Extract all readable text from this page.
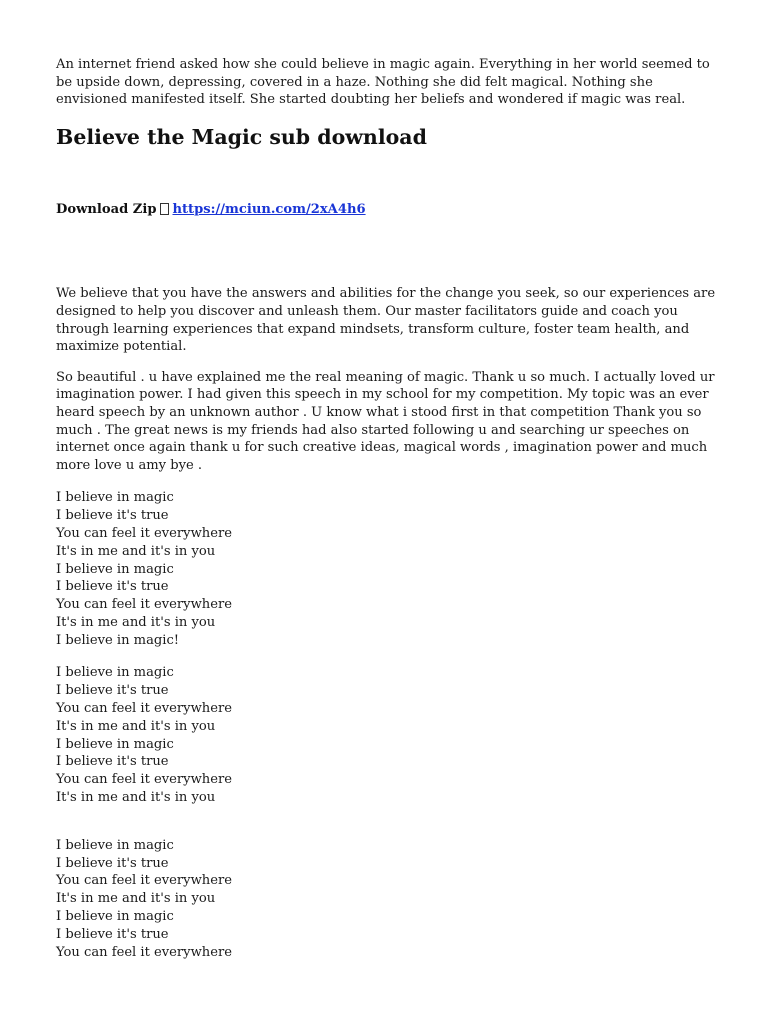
An internet friend asked how she could believe in magic again. Everything in her world seemed to be upside down, depressing, covered in a haze. Nothing she did felt magical. Nothing she envisioned manifested itself. She started doubting her beliefs and wondered if magic was real.

Believe the Magic sub download
Download Zip https://mciun.com/2xA4h6

We believe that you have the answers and abilities for the change you seek, so our experiences are designed to help you discover and unleash them. Our master facilitators guide and coach you through learning experiences that expand mindsets, transform culture, foster team health, and maximize potential.

So beautiful . u have explained me the real meaning of magic. Thank u so much. I actually loved ur imagination power. I had given this speech in my school for my competition. My topic was an ever heard speech by an unknown author . U know what i stood first in that competition Thank you so much . The great news is my friends had also started following u and searching ur speeches on internet once again thank u for such creative ideas, magical words , imagination power and much more love u amy bye .

I believe in magic
I believe it's true
You can feel it everywhere
It's in me and it's in you
I believe in magic
I believe it's true
You can feel it everywhere
It's in me and it's in you
I believe in magic!
I believe in magic
I believe it's true
You can feel it everywhere
It's in me and it's in you
I believe in magic
I believe it's true
You can feel it everywhere
It's in me and it's in you
I believe in magic
I believe it's true
You can feel it everywhere
It's in me and it's in you
I believe in magic
I believe it's true
You can feel it everywhere
